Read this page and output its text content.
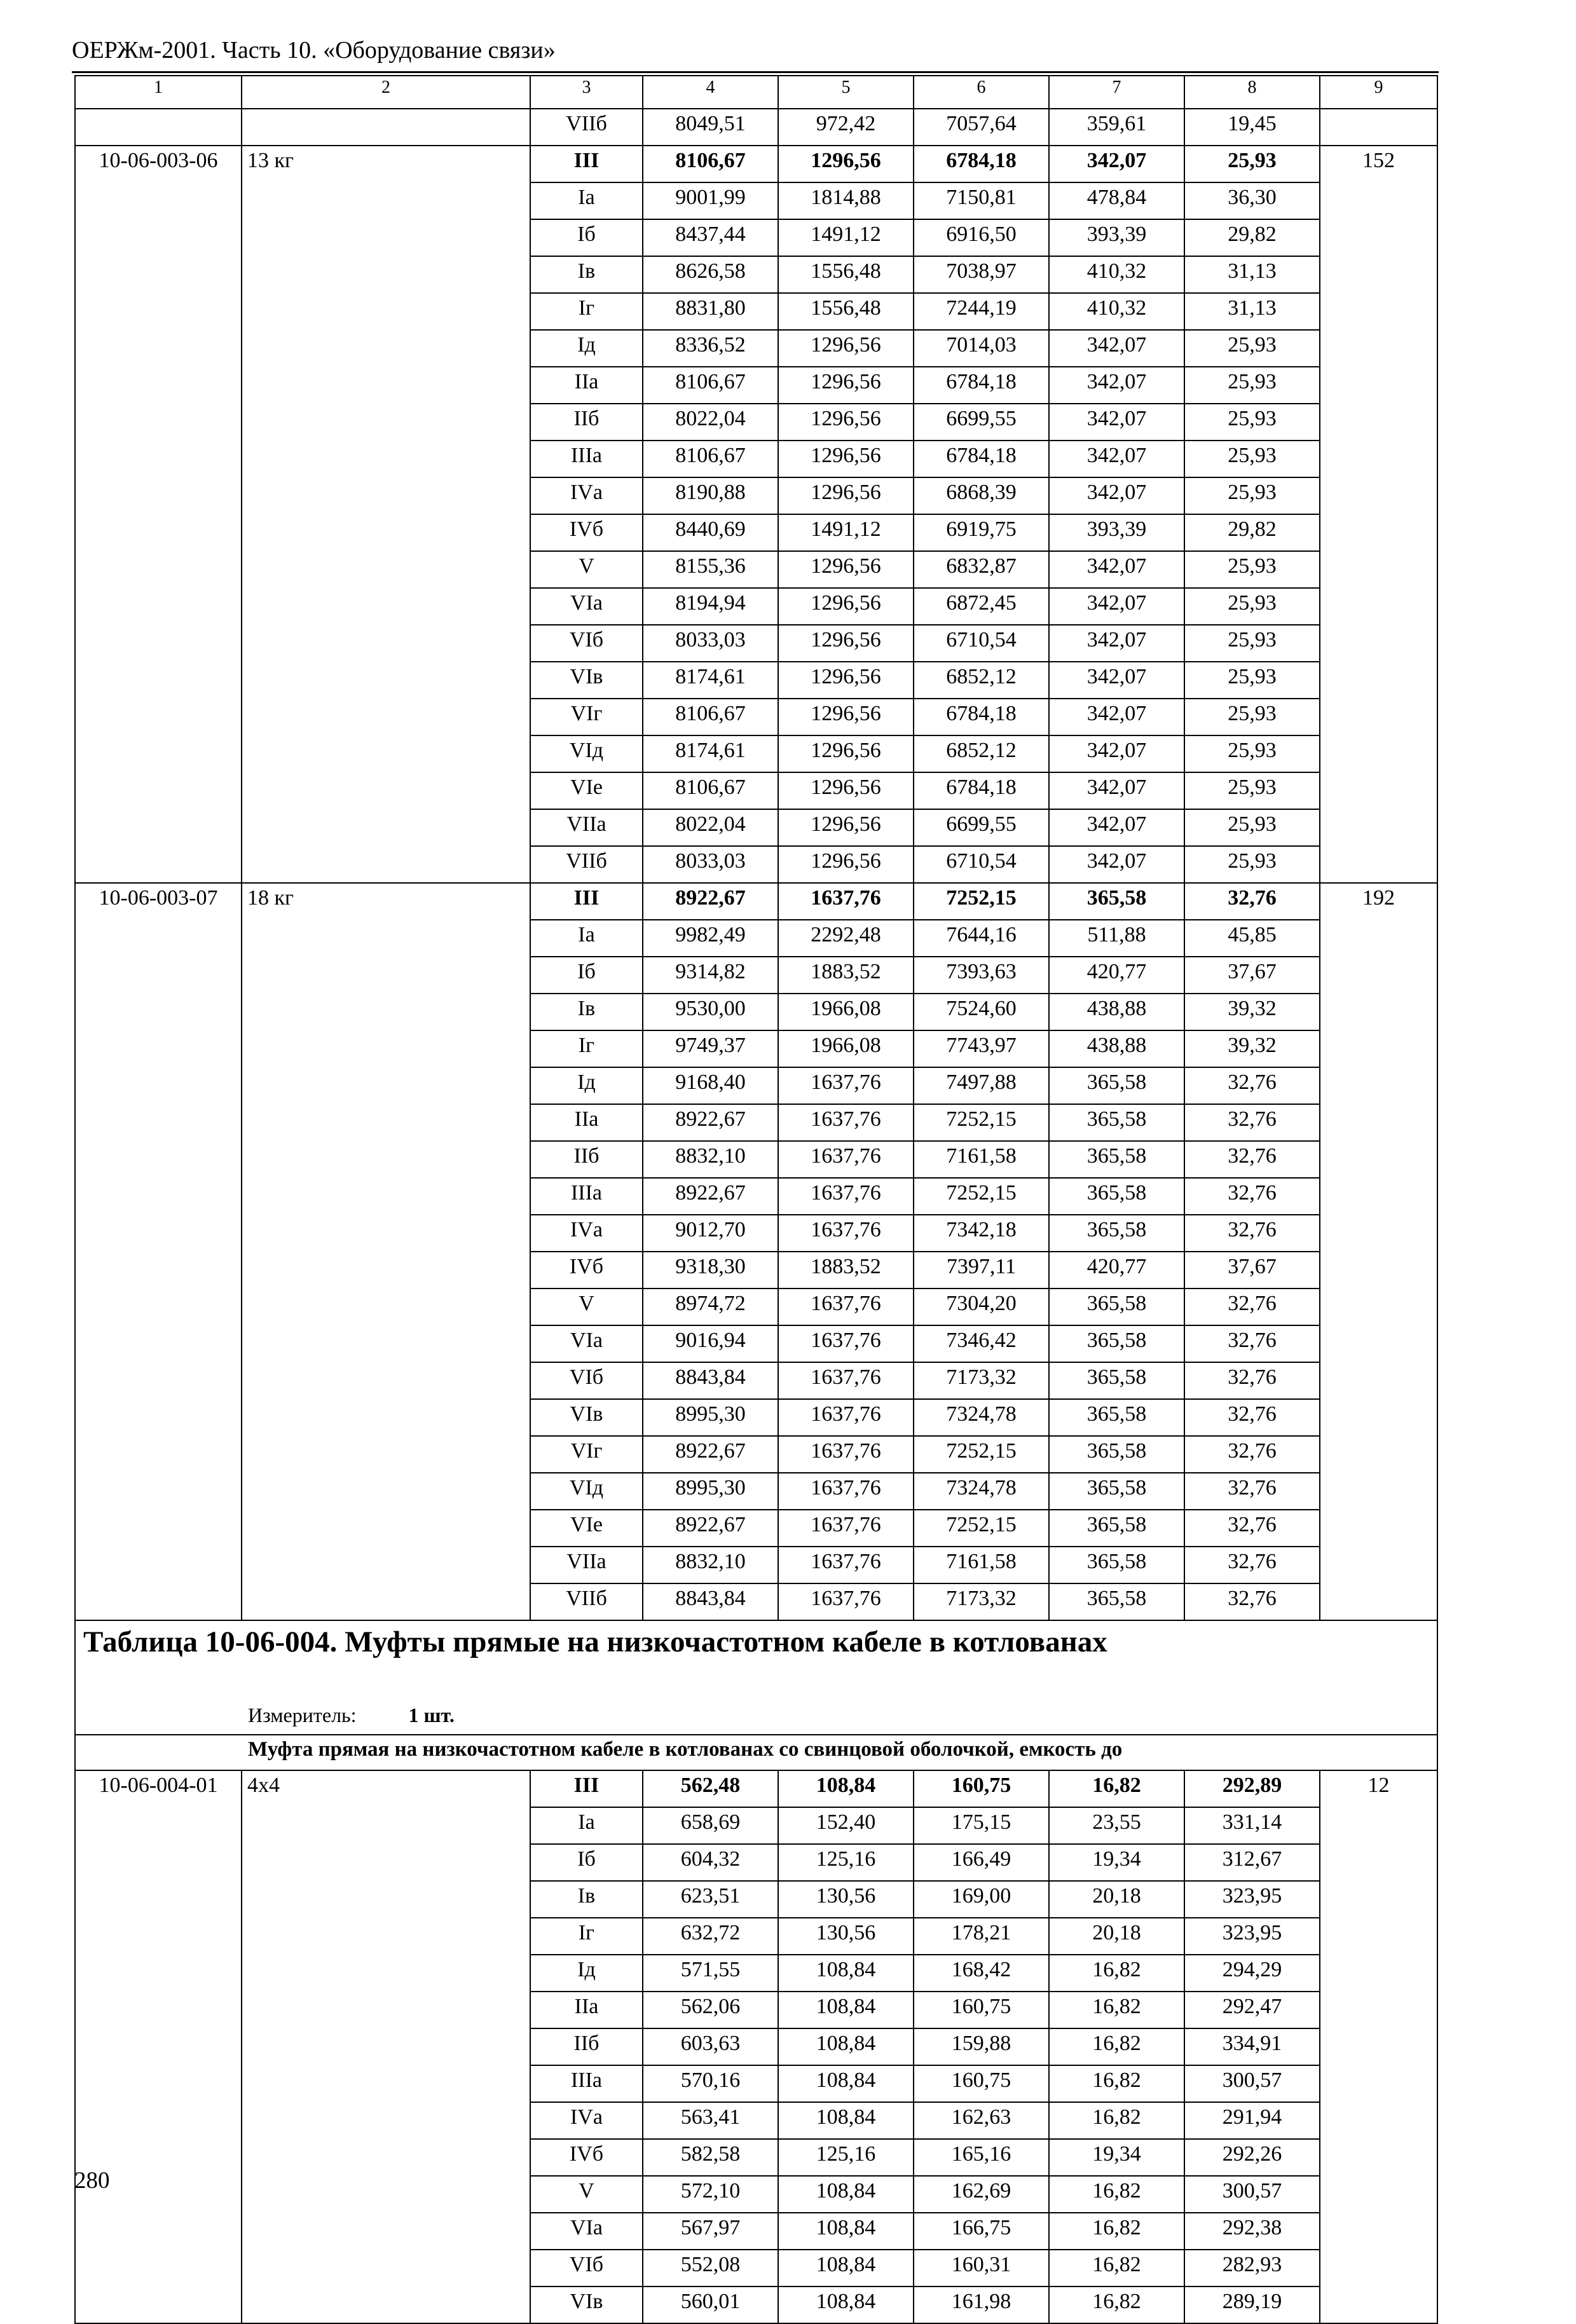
ОЕРЖм-2001. Часть 10. «Оборудование связи»
1	2	3	4	5	6	7	8	9
		VIIб	8049,51	972,42	7057,64	359,61	19,45	
10-06-003-06	13 кг	III	8106,67	1296,56	6784,18	342,07	25,93	152
		Iа	9001,99	1814,88	7150,81	478,84	36,30	
		Iб	8437,44	1491,12	6916,50	393,39	29,82	
		Iв	8626,58	1556,48	7038,97	410,32	31,13	
		Iг	8831,80	1556,48	7244,19	410,32	31,13	
		Iд	8336,52	1296,56	7014,03	342,07	25,93	
		IIа	8106,67	1296,56	6784,18	342,07	25,93	
		IIб	8022,04	1296,56	6699,55	342,07	25,93	
		IIIа	8106,67	1296,56	6784,18	342,07	25,93	
		IVа	8190,88	1296,56	6868,39	342,07	25,93	
		IVб	8440,69	1491,12	6919,75	393,39	29,82	
		V	8155,36	1296,56	6832,87	342,07	25,93	
		VIа	8194,94	1296,56	6872,45	342,07	25,93	
		VIб	8033,03	1296,56	6710,54	342,07	25,93	
		VIв	8174,61	1296,56	6852,12	342,07	25,93	
		VIг	8106,67	1296,56	6784,18	342,07	25,93	
		VIд	8174,61	1296,56	6852,12	342,07	25,93	
		VIе	8106,67	1296,56	6784,18	342,07	25,93	
		VIIа	8022,04	1296,56	6699,55	342,07	25,93	
		VIIб	8033,03	1296,56	6710,54	342,07	25,93	
10-06-003-07	18 кг	III	8922,67	1637,76	7252,15	365,58	32,76	192
		Iа	9982,49	2292,48	7644,16	511,88	45,85	
		Iб	9314,82	1883,52	7393,63	420,77	37,67	
		Iв	9530,00	1966,08	7524,60	438,88	39,32	
		Iг	9749,37	1966,08	7743,97	438,88	39,32	
		Iд	9168,40	1637,76	7497,88	365,58	32,76	
		IIа	8922,67	1637,76	7252,15	365,58	32,76	
		IIб	8832,10	1637,76	7161,58	365,58	32,76	
		IIIа	8922,67	1637,76	7252,15	365,58	32,76	
		IVа	9012,70	1637,76	7342,18	365,58	32,76	
		IVб	9318,30	1883,52	7397,11	420,77	37,67	
		V	8974,72	1637,76	7304,20	365,58	32,76	
		VIа	9016,94	1637,76	7346,42	365,58	32,76	
		VIб	8843,84	1637,76	7173,32	365,58	32,76	
		VIв	8995,30	1637,76	7324,78	365,58	32,76	
		VIг	8922,67	1637,76	7252,15	365,58	32,76	
		VIд	8995,30	1637,76	7324,78	365,58	32,76	
		VIе	8922,67	1637,76	7252,15	365,58	32,76	
		VIIа	8832,10	1637,76	7161,58	365,58	32,76	
		VIIб	8843,84	1637,76	7173,32	365,58	32,76	
Таблица 10-06-004. Муфты прямые на низкочастотном кабеле в котлованах								
Измеритель: 1 шт.								
Муфта прямая на низкочастотном кабеле в котлованах со свинцовой оболочкой, емкость до								
10-06-004-01	4x4	III	562,48	108,84	160,75	16,82	292,89	12
		Iа	658,69	152,40	175,15	23,55	331,14	
		Iб	604,32	125,16	166,49	19,34	312,67	
		Iв	623,51	130,56	169,00	20,18	323,95	
		Iг	632,72	130,56	178,21	20,18	323,95	
		Iд	571,55	108,84	168,42	16,82	294,29	
		IIа	562,06	108,84	160,75	16,82	292,47	
		IIб	603,63	108,84	159,88	16,82	334,91	
		IIIа	570,16	108,84	160,75	16,82	300,57	
		IVа	563,41	108,84	162,63	16,82	291,94	
		IVб	582,58	125,16	165,16	19,34	292,26	
		V	572,10	108,84	162,69	16,82	300,57	
		VIа	567,97	108,84	166,75	16,82	292,38	
		VIб	552,08	108,84	160,31	16,82	282,93	
		VIв	560,01	108,84	161,98	16,82	289,19	
280
